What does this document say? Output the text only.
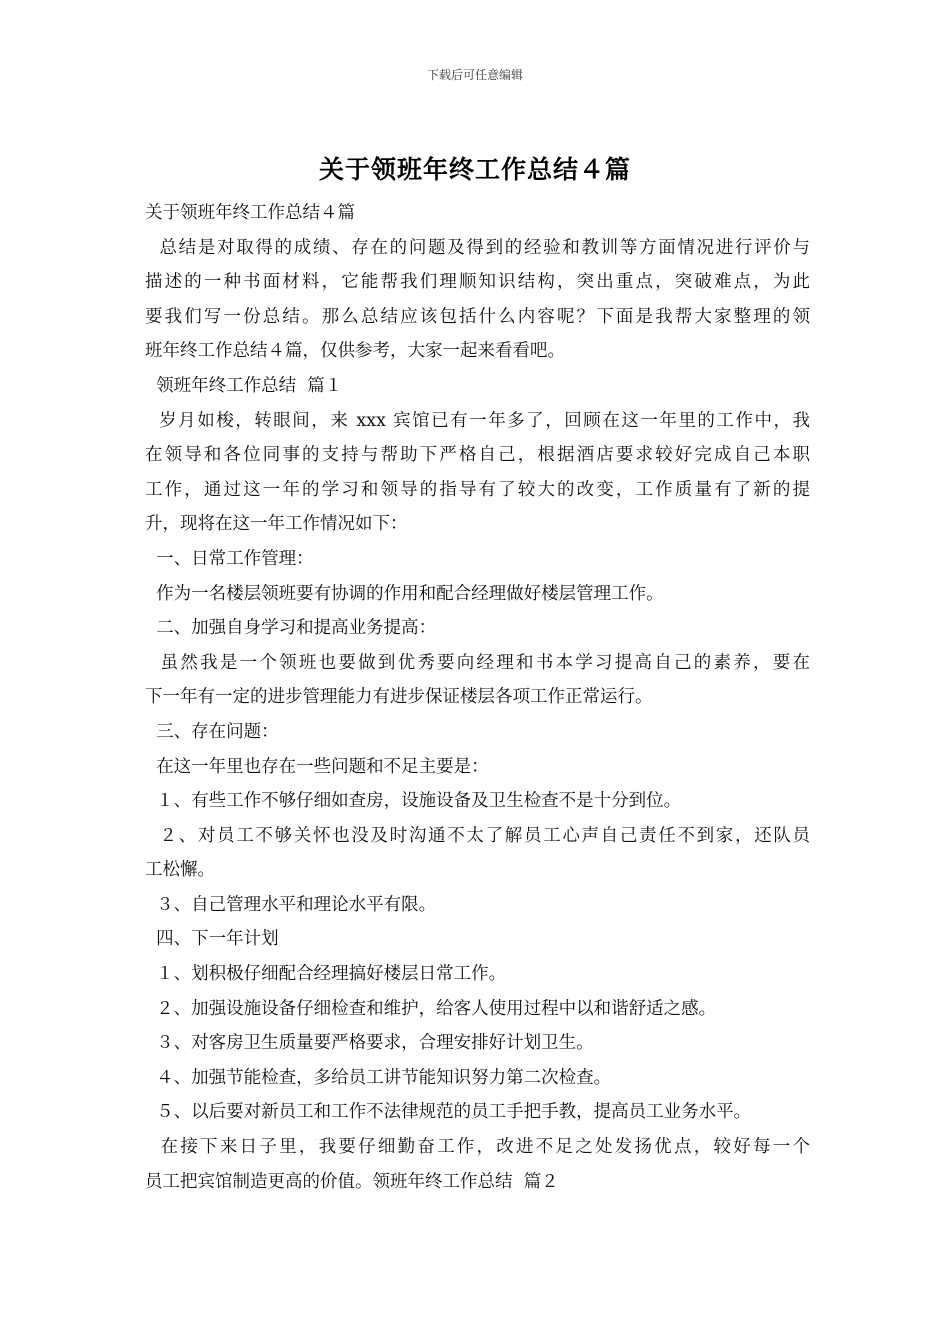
下载后可任意编辑
关于领班年终工作总结４篇
关于领班年终工作总结４篇
总结是对取得的成绩、存在的问题及得到的经验和教训等方面情况进行评价与
描述的一种书面材料，它能帮我们理顺知识结构，突出重点，突破难点，为此
要我们写一份总结。那么总结应该包括什么内容呢？下面是我帮大家整理的领
班年终工作总结４篇，仅供参考，大家一起来看看吧。
领班年终工作总结  篇１
岁月如梭，转眼间，来 xxx 宾馆已有一年多了，回顾在这一年里的工作中，我
在领导和各位同事的支持与帮助下严格自己，根据酒店要求较好完成自己本职
工作，通过这一年的学习和领导的指导有了较大的改变，工作质量有了新的提
升，现将在这一年工作情况如下：
一、日常工作管理：
作为一名楼层领班要有协调的作用和配合经理做好楼层管理工作。
二、加强自身学习和提高业务提高：
虽然我是一个领班也要做到优秀要向经理和书本学习提高自己的素养，要在
下一年有一定的进步管理能力有进步保证楼层各项工作正常运行。
三、存在问题：
在这一年里也存在一些问题和不足主要是：
１、有些工作不够仔细如查房，设施设备及卫生检查不是十分到位。
２、对员工不够关怀也没及时沟通不太了解员工心声自己责任不到家，还队员
工松懈。
３、自己管理水平和理论水平有限。
四、下一年计划
１、划积极仔细配合经理搞好楼层日常工作。
２、加强设施设备仔细检查和维护，给客人使用过程中以和谐舒适之感。
３、对客房卫生质量要严格要求，合理安排好计划卫生。
４、加强节能检查，多给员工讲节能知识努力第二次检查。
５、以后要对新员工和工作不法律规范的员工手把手教，提高员工业务水平。
在接下来日子里，我要仔细勤奋工作，改进不足之处发扬优点，较好每一个
员工把宾馆制造更高的价值。领班年终工作总结  篇２
